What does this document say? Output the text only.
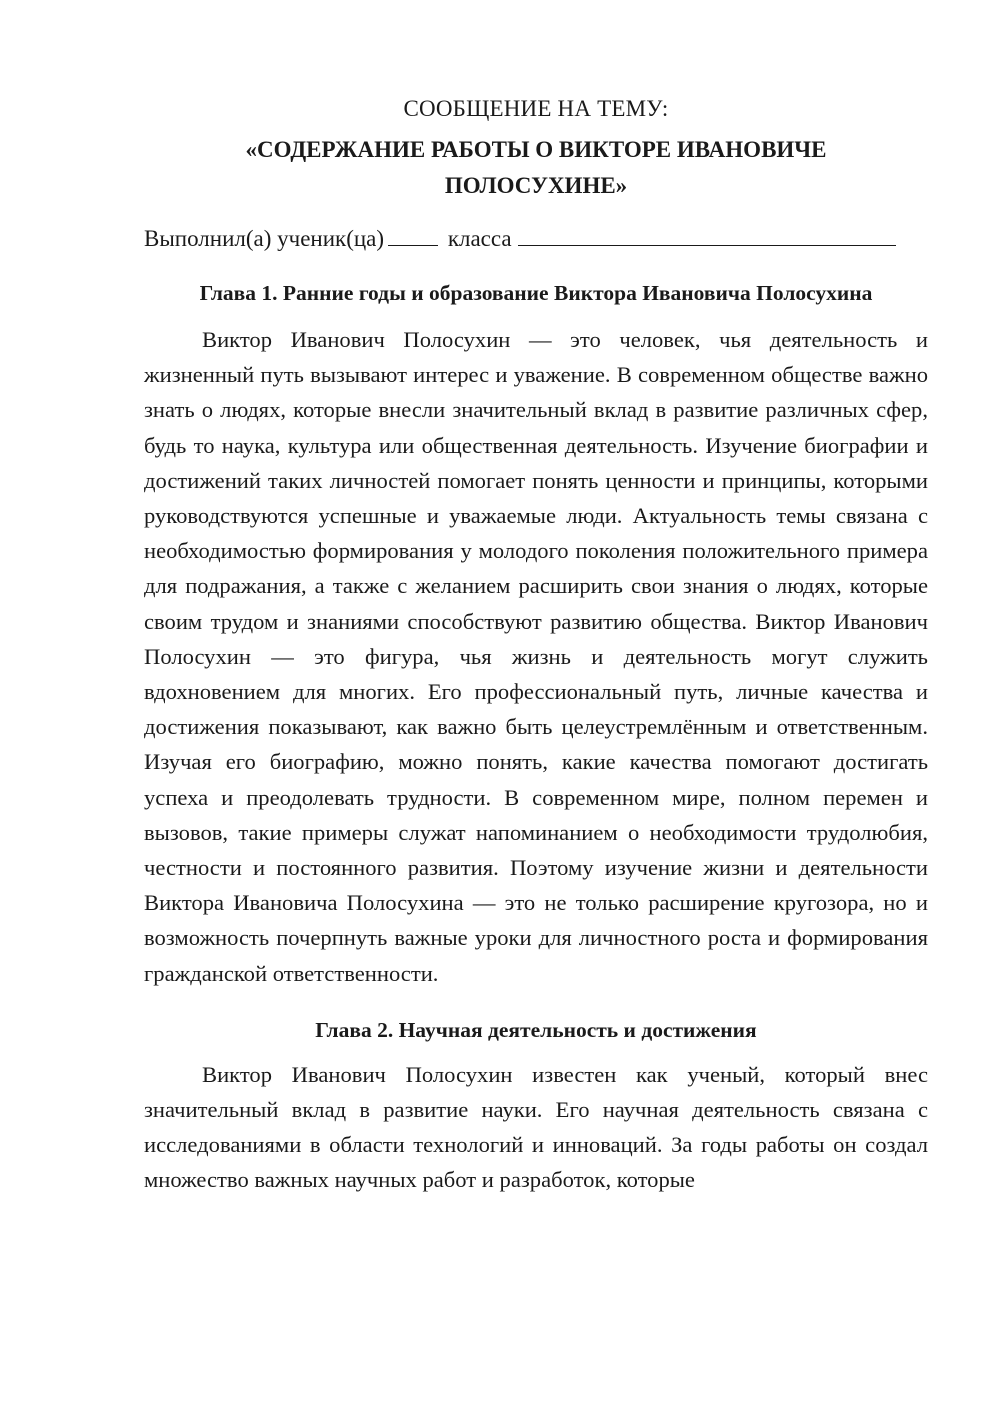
СООБЩЕНИЕ НА ТЕМУ:
«СОДЕРЖАНИЕ РАБОТЫ О ВИКТОРЕ ИВАНОВИЧЕ ПОЛОСУХИНЕ»
Выполнил(а) ученик(ца)	класса
Глава 1. Ранние годы и образование Виктора Ивановича Полосухина

Виктор Иванович Полосухин — это человек, чья деятельность и жизненный путь вызывают интерес и уважение. В современном обществе важно знать о людях, которые внесли значительный вклад в развитие различных сфер, будь то наука, культура или общественная деятельность. Изучение биографии и достижений таких личностей помогает понять ценности и принципы, которыми руководствуются успешные и уважаемые люди. Актуальность темы связана с необходимостью формирования у молодого поколения положительного примера для подражания, а также с желанием расширить свои знания о людях, которые своим трудом и знаниями способствуют развитию общества. Виктор Иванович Полосухин — это фигура, чья жизнь и деятельность могут служить вдохновением для многих. Его профессиональный путь, личные качества и достижения показывают, как важно быть целеустремлённым и ответственным. Изучая его биографию, можно понять, какие качества помогают достигать успеха и преодолевать трудности. В современном мире, полном перемен и вызовов, такие примеры служат напоминанием о необходимости трудолюбия, честности и постоянного развития. Поэтому изучение жизни и деятельности Виктора Ивановича Полосухина — это не только расширение кругозора, но и возможность почерпнуть важные уроки для личностного роста и формирования гражданской ответственности.

Глава 2. Научная деятельность и достижения

Виктор Иванович Полосухин известен как ученый, который внес значительный вклад в развитие науки. Его научная деятельность связана с исследованиями в области технологий и инноваций. За годы работы он создал множество важных научных работ и разработок, которые
